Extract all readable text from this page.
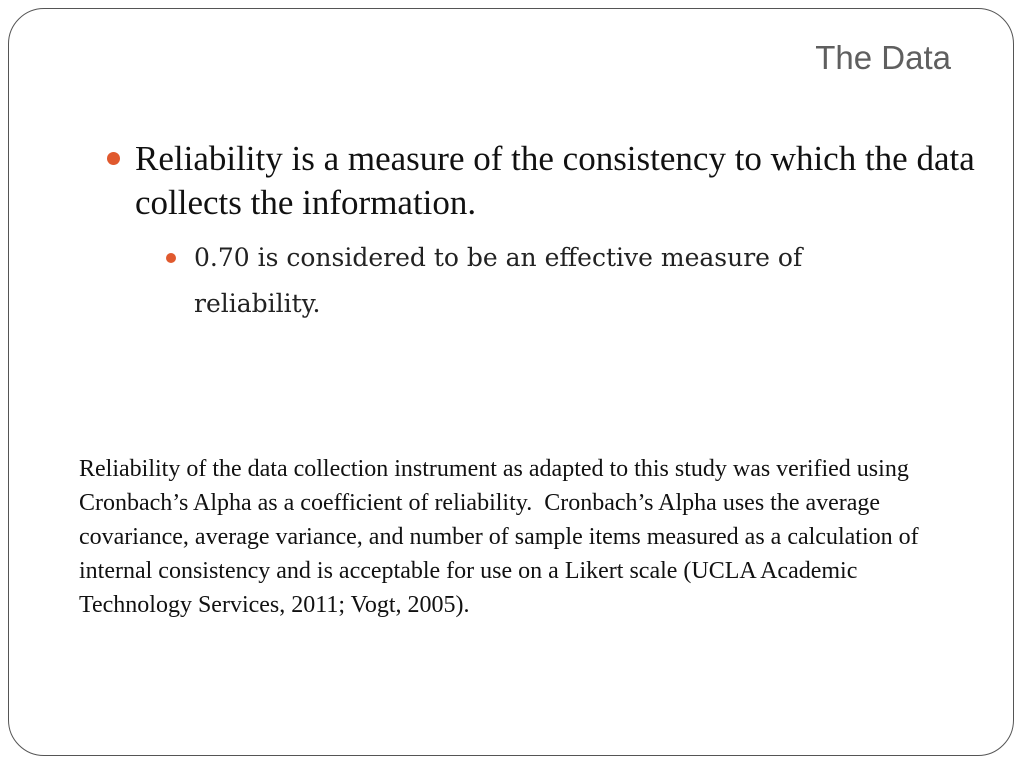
The Data
Reliability is a measure of the consistency to which the data collects the information.
0.70 is considered to be an effective measure of reliability.
Reliability of the data collection instrument as adapted to this study was verified using Cronbach’s Alpha as a coefficient of reliability.  Cronbach’s Alpha uses the average covariance, average variance, and number of sample items measured as a calculation of internal consistency and is acceptable for use on a Likert scale (UCLA Academic Technology Services, 2011; Vogt, 2005).
